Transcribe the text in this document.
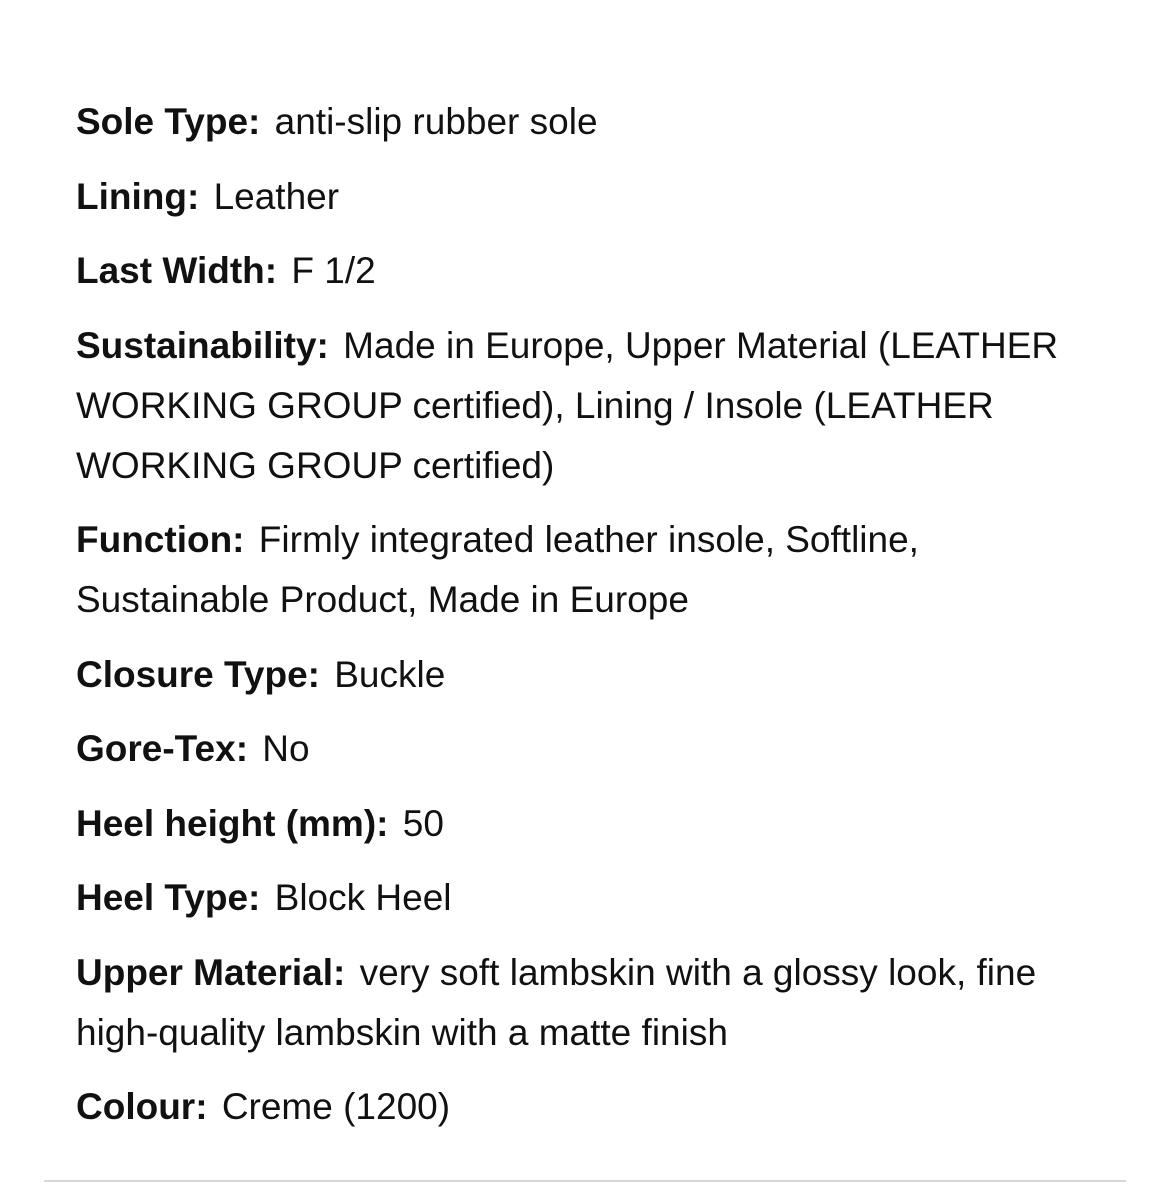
Sole Type: anti-slip rubber sole
Lining: Leather
Last Width: F 1/2
Sustainability: Made in Europe, Upper Material (LEATHER WORKING GROUP certified), Lining / Insole (LEATHER WORKING GROUP certified)
Function: Firmly integrated leather insole, Softline, Sustainable Product, Made in Europe
Closure Type: Buckle
Gore-Tex: No
Heel height (mm): 50
Heel Type: Block Heel
Upper Material: very soft lambskin with a glossy look, fine high-quality lambskin with a matte finish
Colour: Creme (1200)
